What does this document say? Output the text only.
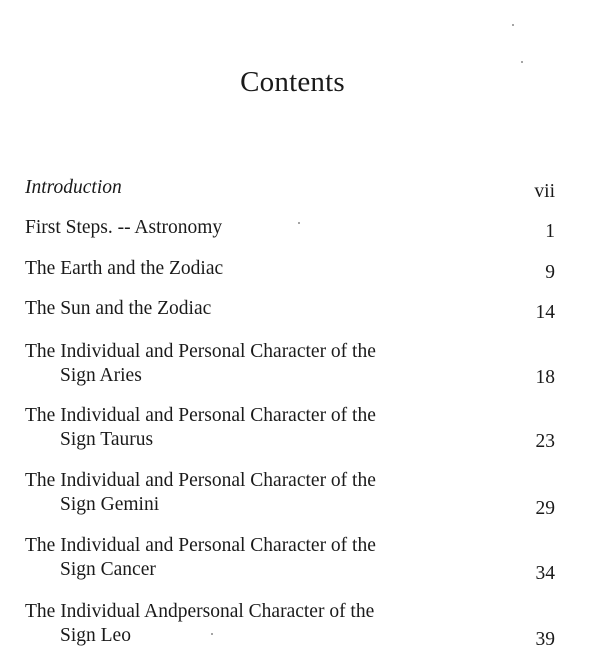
Contents
Introduction	vii
First Steps. -- Astronomy	1
The Earth and the Zodiac	9
The Sun and the Zodiac	14
The Individual and Personal Character of the
Sign Aries	18
The Individual and Personal Character of the
Sign Taurus	23
The Individual and Personal Character of the
Sign Gemini	29
The Individual and Personal Character of the
Sign Cancer	34
The Individual Andpersonal Character of the
Sign Leo	39
